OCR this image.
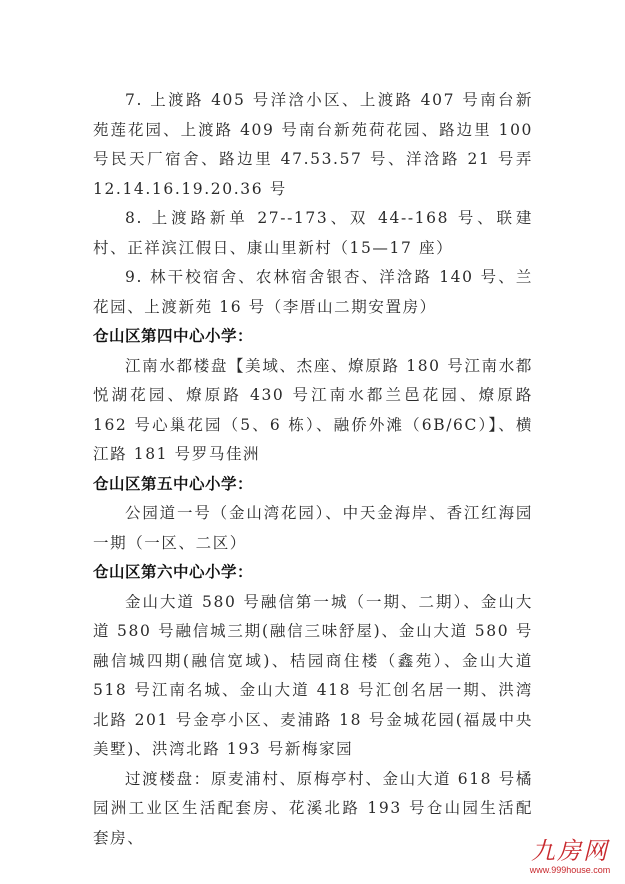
7. 上渡路 405 号洋浛小区、上渡路 407 号南台新苑莲花园、上渡路 409 号南台新苑荷花园、路边里 100 号民天厂宿舍、路边里 47.53.57 号、洋浛路 21 号弄 12.14.16.19.20.36 号

8. 上渡路新单 27--173、双 44--168 号、联建村、正祥滨江假日、康山里新村（15—17 座）

9. 林干校宿舍、农林宿舍银杏、洋浛路 140 号、兰花园、上渡新苑 16 号（李厝山二期安置房）

仓山区第四中心小学：

江南水都楼盘【美域、杰座、燎原路 180 号江南水都悦湖花园、燎原路 430 号江南水都兰邑花园、燎原路 162 号心巢花园（5、6 栋）、融侨外滩（6B/6C）】、横江路 181 号罗马佳洲

仓山区第五中心小学：

公园道一号（金山湾花园）、中天金海岸、香江红海园一期（一区、二区）

仓山区第六中心小学：

金山大道 580 号融信第一城（一期、二期）、金山大道 580 号融信城三期(融信三味舒屋)、金山大道 580 号融信城四期(融信宽域)、桔园商住楼（鑫苑）、金山大道 518 号江南名城、金山大道 418 号汇创名居一期、洪湾北路 201 号金亭小区、麦浦路 18 号金城花园(福晟中央美墅)、洪湾北路 193 号新梅家园

过渡楼盘：原麦浦村、原梅亭村、金山大道 618 号橘园洲工业区生活配套房、花溪北路 193 号仓山园生活配套房、	九房网
www.999house.com
